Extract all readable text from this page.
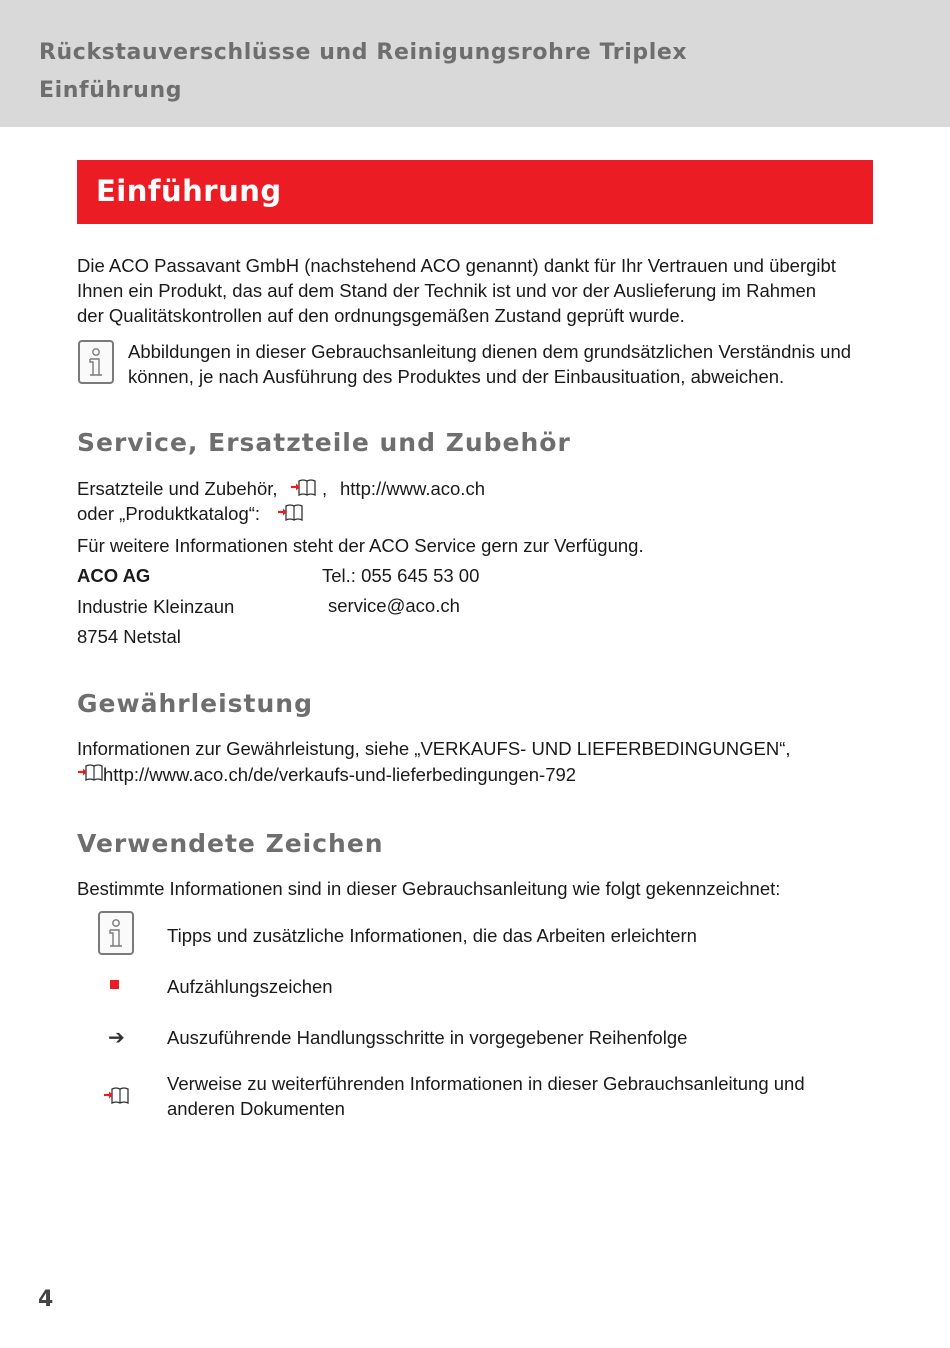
Rückstauverschlüsse und Reinigungsrohre Triplex
Einführung
Einführung
Die ACO Passavant GmbH (nachstehend ACO genannt) dankt für Ihr Vertrauen und übergibt
Ihnen ein Produkt, das auf dem Stand der Technik ist und vor der Auslieferung im Rahmen
der Qualitätskontrollen auf den ordnungsgemäßen Zustand geprüft wurde.
Abbildungen in dieser Gebrauchsanleitung dienen dem grundsätzlichen Verständnis und
können, je nach Ausführung des Produktes und der Einbausituation, abweichen.
Service, Ersatzteile und Zubehör
Ersatzteile und Zubehör, , http://www.aco.ch
oder „Produktkatalog“:
Für weitere Informationen steht der ACO Service gern zur Verfügung.
ACO AG	Tel.: 055 645 53 00
Industrie Kleinzaun	service@aco.ch
8754 Netstal
Gewährleistung
Informationen zur Gewährleistung, siehe „VERKAUFS- UND LIEFERBEDINGUNGEN“,
http://www.aco.ch/de/verkaufs-und-lieferbedingungen-792
Verwendete Zeichen
Bestimmte Informationen sind in dieser Gebrauchsanleitung wie folgt gekennzeichnet:
Tipps und zusätzliche Informationen, die das Arbeiten erleichtern
Aufzählungszeichen
➔ Auszuführende Handlungsschritte in vorgegebener Reihenfolge
Verweise zu weiterführenden Informationen in dieser Gebrauchsanleitung und
anderen Dokumenten
4
